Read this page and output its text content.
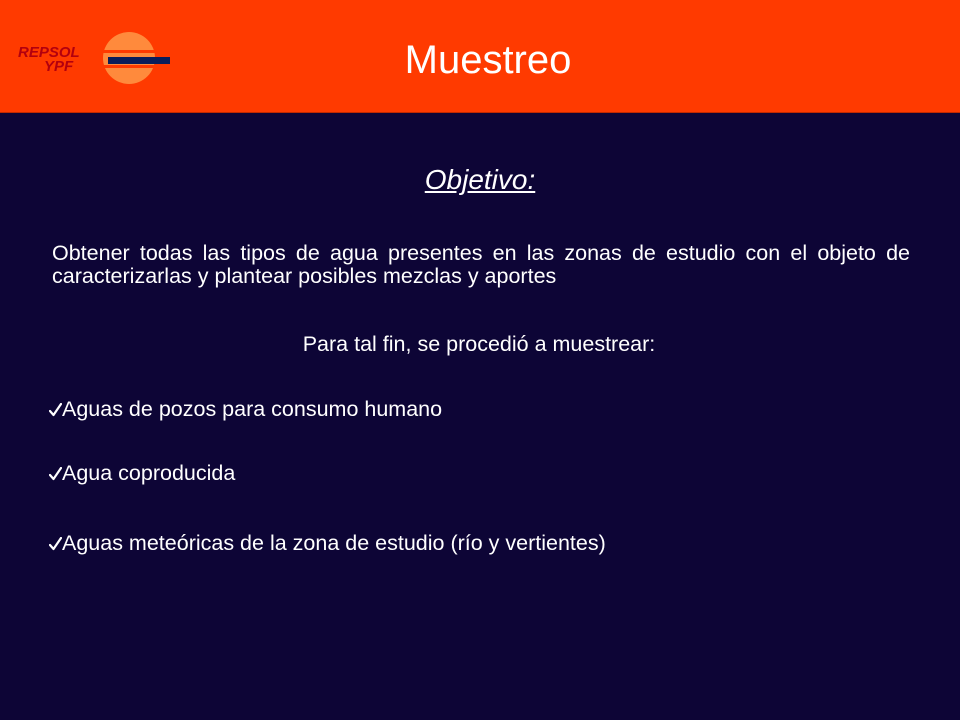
REPSOL
YPF	Muestreo
Objetivo:
Obtener todas las tipos de agua presentes en las zonas de estudio con el objeto de caracterizarlas y plantear posibles mezclas y aportes
Para tal fin, se procedió a muestrear:
Aguas de pozos para consumo humano
Agua coproducida
Aguas meteóricas de la zona de estudio (río y vertientes)
